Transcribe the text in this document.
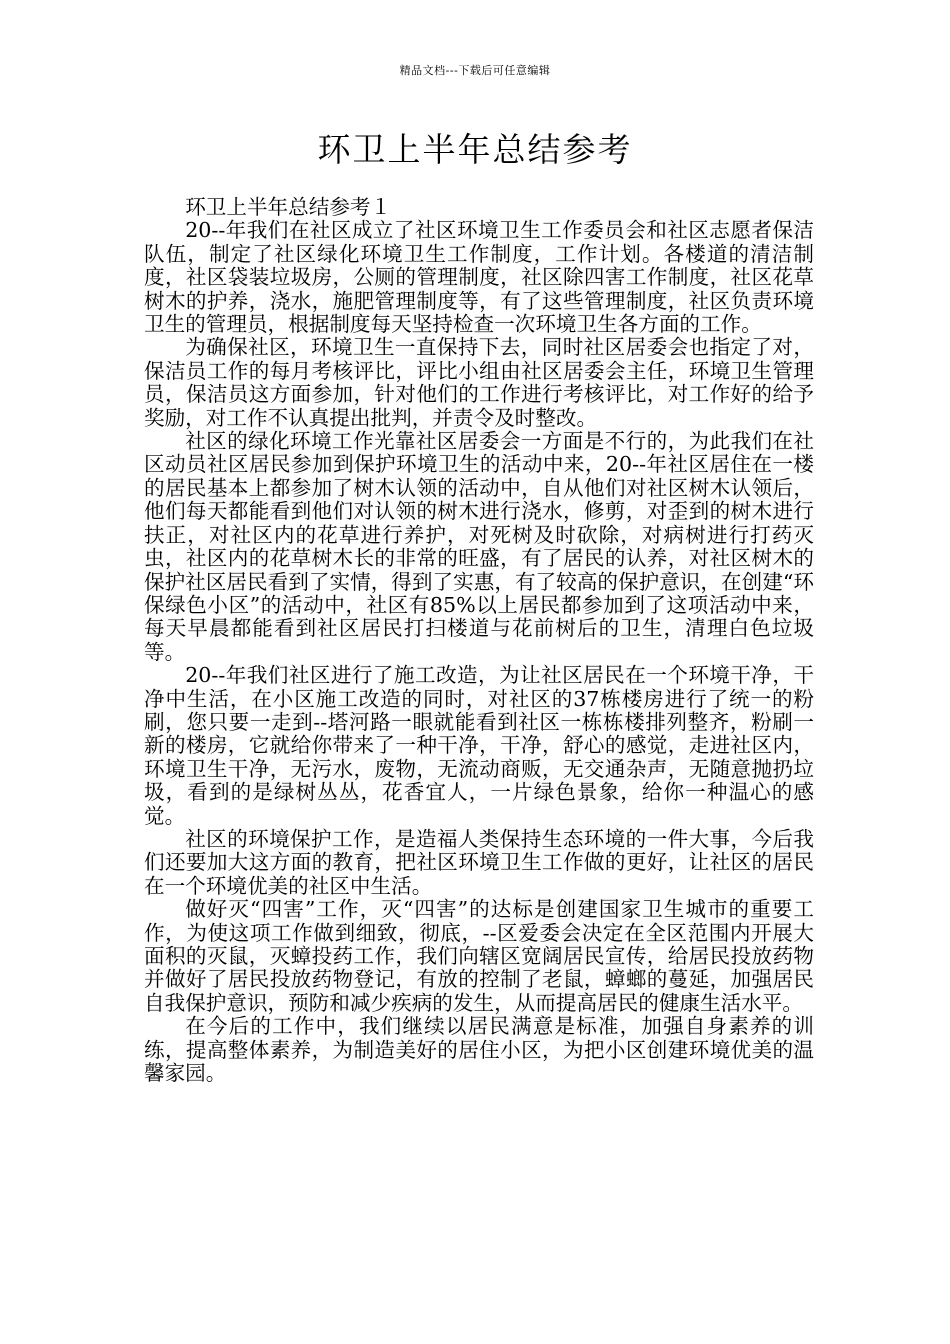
精品文档---下载后可任意编辑
环卫上半年总结参考

环卫上半年总结参考１

20--年我们在社区成立了社区环境卫生工作委员会和社区志愿者保洁队伍，制定了社区绿化环境卫生工作制度，工作计划。各楼道的清洁制度，社区袋装垃圾房，公厕的管理制度，社区除四害工作制度，社区花草树木的护养，浇水，施肥管理制度等，有了这些管理制度，社区负责环境卫生的管理员，根据制度每天坚持检查一次环境卫生各方面的工作。

为确保社区，环境卫生一直保持下去，同时社区居委会也指定了对，保洁员工作的每月考核评比，评比小组由社区居委会主任，环境卫生管理员，保洁员这方面参加，针对他们的工作进行考核评比，对工作好的给予奖励，对工作不认真提出批判，并责令及时整改。

社区的绿化环境工作光靠社区居委会一方面是不行的，为此我们在社区动员社区居民参加到保护环境卫生的活动中来，20--年社区居住在一楼的居民基本上都参加了树木认领的活动中，自从他们对社区树木认领后，他们每天都能看到他们对认领的树木进行浇水，修剪，对歪到的树木进行扶正，对社区内的花草进行养护，对死树及时砍除，对病树进行打药灭虫，社区内的花草树木长的非常的旺盛，有了居民的认养，对社区树木的保护社区居民看到了实情，得到了实惠，有了较高的保护意识，在创建“环保绿色小区”的活动中，社区有85%以上居民都参加到了这项活动中来，每天早晨都能看到社区居民打扫楼道与花前树后的卫生，清理白色垃圾等。

20--年我们社区进行了施工改造，为让社区居民在一个环境干净，干净中生活，在小区施工改造的同时，对社区的37栋楼房进行了统一的粉刷，您只要一走到--塔河路一眼就能看到社区一栋栋楼排列整齐，粉刷一新的楼房，它就给你带来了一种干净，干净，舒心的感觉，走进社区内，环境卫生干净，无污水，废物，无流动商贩，无交通杂声，无随意抛扔垃圾，看到的是绿树丛丛，花香宜人，一片绿色景象，给你一种温心的感觉。

社区的环境保护工作，是造福人类保持生态环境的一件大事，今后我们还要加大这方面的教育，把社区环境卫生工作做的更好，让社区的居民在一个环境优美的社区中生活。

做好灭“四害”工作，灭“四害”的达标是创建国家卫生城市的重要工作，为使这项工作做到细致，彻底，--区爱委会决定在全区范围内开展大面积的灭鼠，灭蟑投药工作，我们向辖区宽阔居民宣传，给居民投放药物并做好了居民投放药物登记，有放的控制了老鼠，蟑螂的蔓延，加强居民自我保护意识，预防和减少疾病的发生，从而提高居民的健康生活水平。

在今后的工作中，我们继续以居民满意是标准，加强自身素养的训练，提高整体素养，为制造美好的居住小区，为把小区创建环境优美的温馨家园。
